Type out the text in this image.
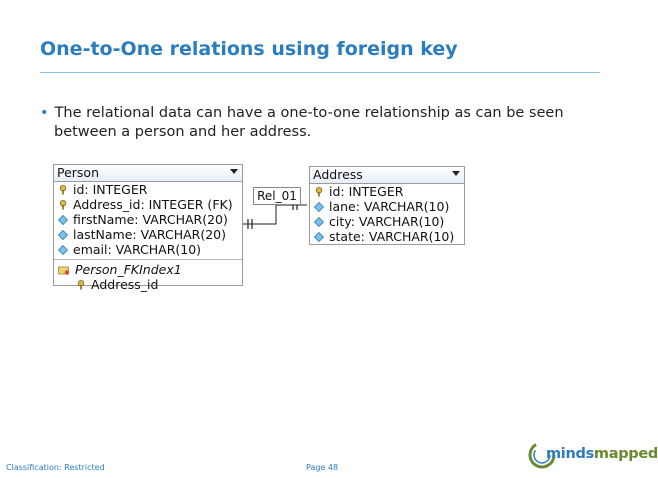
One-to-One relations using foreign key
• The relational data can have a one-to-one relationship as can be seen
between a person and her address.
Rel_01
Person
id: INTEGER
Address_id: INTEGER (FK)
firstName: VARCHAR(20)
lastName: VARCHAR(20)
email: VARCHAR(10)
Person_FKIndex1
Address_id
Address
id: INTEGER
lane: VARCHAR(10)
city: VARCHAR(10)
state: VARCHAR(10)
Classification: Restricted	Page 48
mindsmapped
